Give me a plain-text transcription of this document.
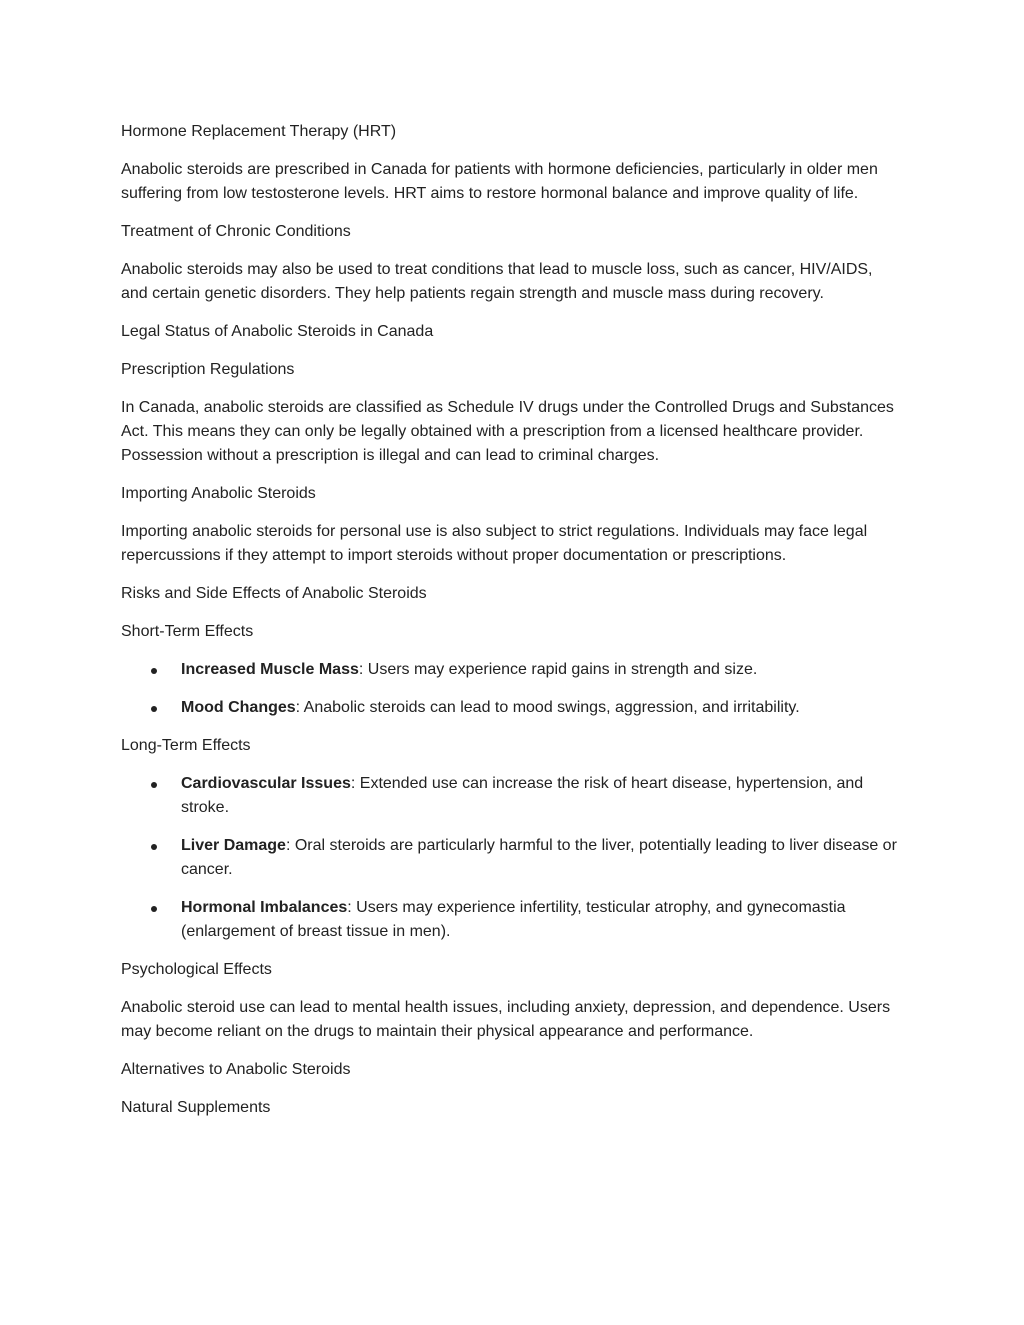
Hormone Replacement Therapy (HRT)

Anabolic steroids are prescribed in Canada for patients with hormone deficiencies, particularly in older men suffering from low testosterone levels. HRT aims to restore hormonal balance and improve quality of life.

Treatment of Chronic Conditions

Anabolic steroids may also be used to treat conditions that lead to muscle loss, such as cancer, HIV/AIDS, and certain genetic disorders. They help patients regain strength and muscle mass during recovery.

Legal Status of Anabolic Steroids in Canada

Prescription Regulations

In Canada, anabolic steroids are classified as Schedule IV drugs under the Controlled Drugs and Substances Act. This means they can only be legally obtained with a prescription from a licensed healthcare provider. Possession without a prescription is illegal and can lead to criminal charges.

Importing Anabolic Steroids

Importing anabolic steroids for personal use is also subject to strict regulations. Individuals may face legal repercussions if they attempt to import steroids without proper documentation or prescriptions.

Risks and Side Effects of Anabolic Steroids

Short-Term Effects

Increased Muscle Mass: Users may experience rapid gains in strength and size.
Mood Changes: Anabolic steroids can lead to mood swings, aggression, and irritability.

Long-Term Effects

Cardiovascular Issues: Extended use can increase the risk of heart disease, hypertension, and stroke.
Liver Damage: Oral steroids are particularly harmful to the liver, potentially leading to liver disease or cancer.
Hormonal Imbalances: Users may experience infertility, testicular atrophy, and gynecomastia (enlargement of breast tissue in men).

Psychological Effects

Anabolic steroid use can lead to mental health issues, including anxiety, depression, and dependence. Users may become reliant on the drugs to maintain their physical appearance and performance.

Alternatives to Anabolic Steroids

Natural Supplements
